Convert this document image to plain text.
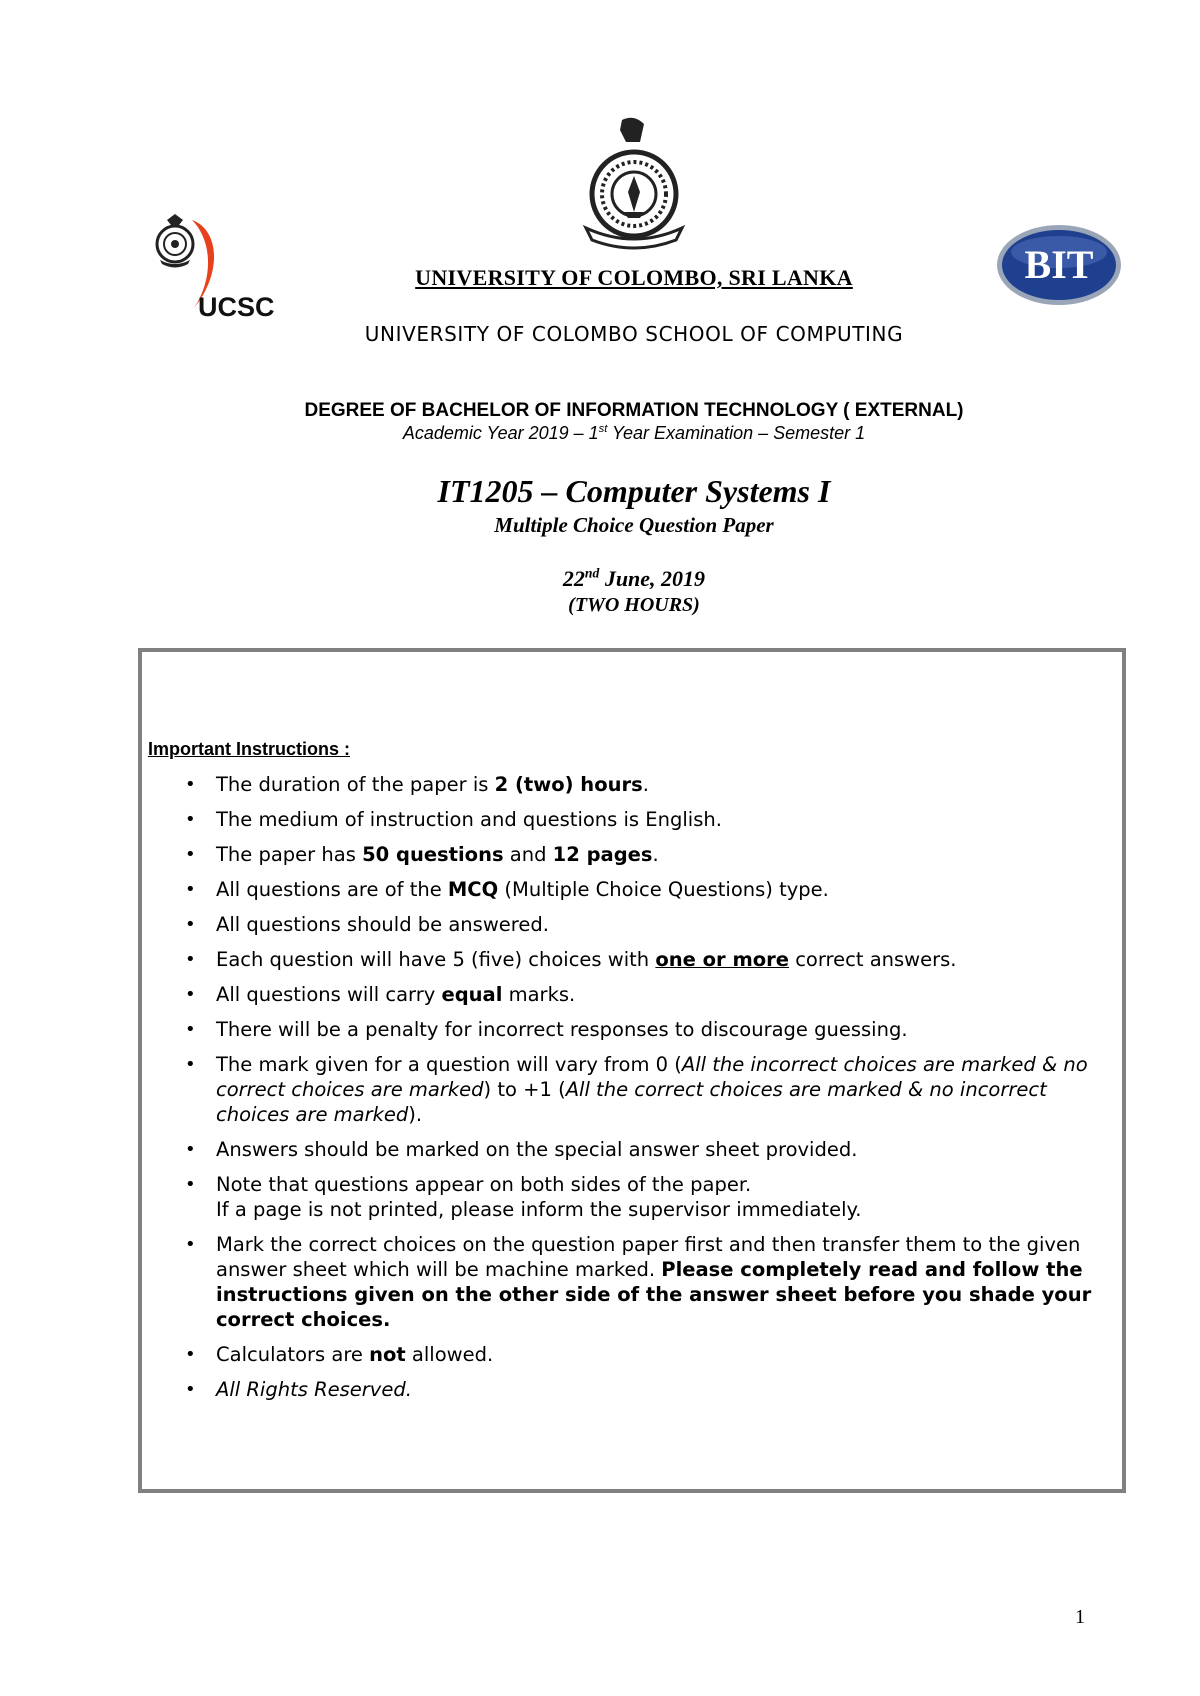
UCSC
BIT
UNIVERSITY OF COLOMBO, SRI LANKA
UNIVERSITY OF COLOMBO SCHOOL OF COMPUTING
DEGREE OF BACHELOR OF INFORMATION TECHNOLOGY ( EXTERNAL)
Academic Year 2019 – 1st Year Examination – Semester 1
IT1205 – Computer Systems I
Multiple Choice Question Paper
22nd June, 2019
(TWO HOURS)
Important Instructions :
• The duration of the paper is 2 (two) hours.
• The medium of instruction and questions is English.
• The paper has 50 questions and 12 pages.
• All questions are of the MCQ (Multiple Choice Questions) type.
• All questions should be answered.
• Each question will have 5 (five) choices with one or more correct answers.
• All questions will carry equal marks.
• There will be a penalty for incorrect responses to discourage guessing.
• The mark given for a question will vary from 0 (All the incorrect choices are marked & no correct choices are marked) to +1 (All the correct choices are marked & no incorrect choices are marked).
• Answers should be marked on the special answer sheet provided.
• Note that questions appear on both sides of the paper.
If a page is not printed, please inform the supervisor immediately.
• Mark the correct choices on the question paper first and then transfer them to the given answer sheet which will be machine marked. Please completely read and follow the instructions given on the other side of the answer sheet before you shade your correct choices.
• Calculators are not allowed.
• All Rights Reserved.
1
